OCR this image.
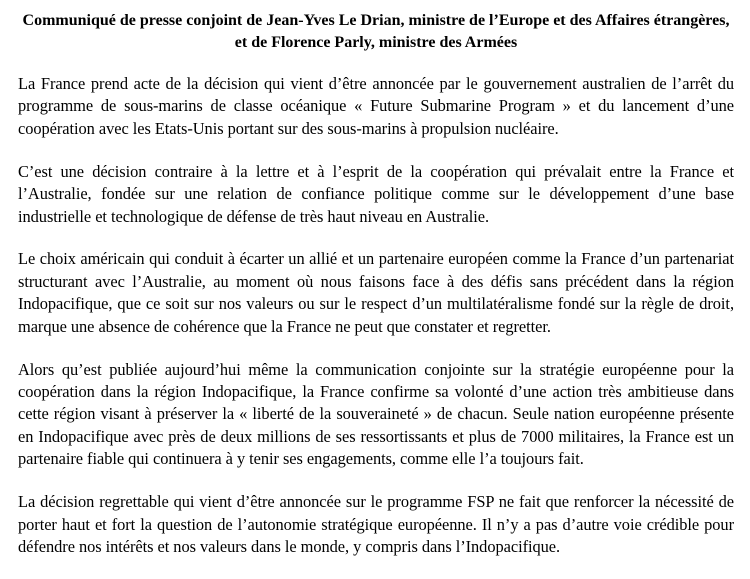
Communiqué de presse conjoint de Jean-Yves Le Drian, ministre de l’Europe et des Affaires étrangères, et de Florence Parly, ministre des Armées

La France prend acte de la décision qui vient d’être annoncée par le gouvernement australien de l’arrêt du programme de sous-marins de classe océanique « Future Submarine Program » et du lancement d’une coopération avec les Etats-Unis portant sur des sous-marins à propulsion nucléaire.

C’est une décision contraire à la lettre et à l’esprit de la coopération qui prévalait entre la France et l’Australie, fondée sur une relation de confiance politique comme sur le développement d’une base industrielle et technologique de défense de très haut niveau en Australie.

Le choix américain qui conduit à écarter un allié et un partenaire européen comme la France d’un partenariat structurant avec l’Australie, au moment où nous faisons face à des défis sans précédent dans la région Indopacifique, que ce soit sur nos valeurs ou sur le respect d’un multilatéralisme fondé sur la règle de droit, marque une absence de cohérence que la France ne peut que constater et regretter.

Alors qu’est publiée aujourd’hui même la communication conjointe sur la stratégie européenne pour la coopération dans la région Indopacifique, la France confirme sa volonté d’une action très ambitieuse dans cette région visant à préserver la « liberté de la souveraineté » de chacun. Seule nation européenne présente en Indopacifique avec près de deux millions de ses ressortissants et plus de 7000 militaires, la France est un partenaire fiable qui continuera à y tenir ses engagements, comme elle l’a toujours fait.

La décision regrettable qui vient d’être annoncée sur le programme FSP ne fait que renforcer la nécessité de porter haut et fort la question de l’autonomie stratégique européenne. Il n’y a pas d’autre voie crédible pour défendre nos intérêts et nos valeurs dans le monde, y compris dans l’Indopacifique.
